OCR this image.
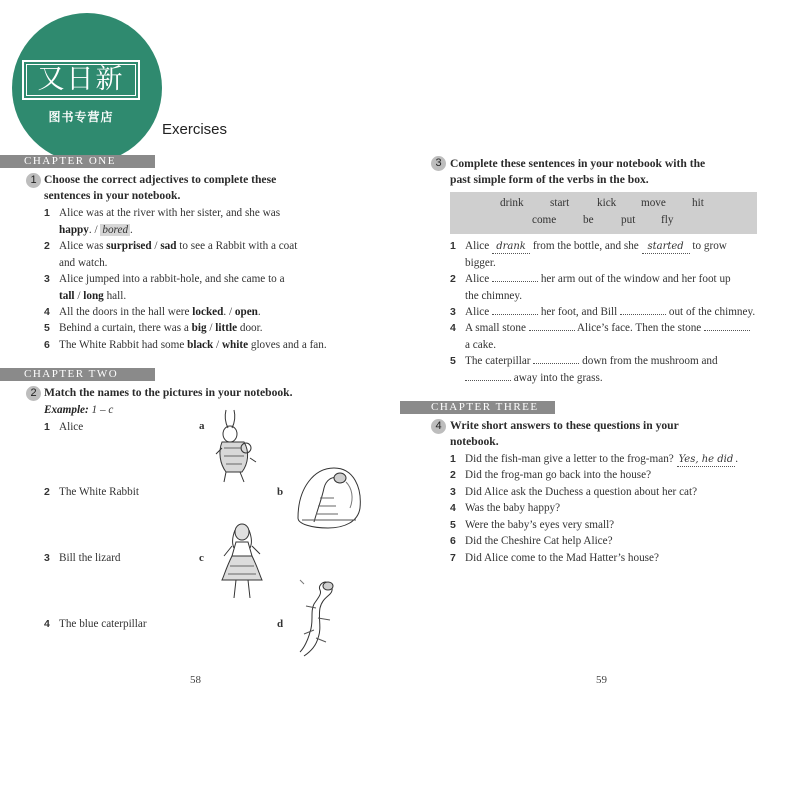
又日新
图书专营店
Exercises
CHAPTER ONE
1 Choose the correct adjectives to complete these
sentences in your notebook.
1 Alice was at the river with her sister, and she was
happy. / bored .
2 Alice was surprised / sad to see a Rabbit with a coat
and watch.
3 Alice jumped into a rabbit-hole, and she came to a
tall / long hall.
4 All the doors in the hall were locked. / open.
5 Behind a curtain, there was a big / little door.
6 The White Rabbit had some black / white gloves and a fan.
CHAPTER TWO
2 Match the names to the pictures in your notebook.
Example: 1 – c
1 Alice	a
2 The White Rabbit	b
3 Bill the lizard	c
4 The blue caterpillar	d
58
3 Complete these sentences in your notebook with the
past simple form of the verbs in the box.
drink start kick move hit
come be put fly
1 Alice drank from the bottle, and she started to grow
bigger.
2 Alice	her arm out of the window and her foot up
the chimney.
3 Alice	her foot, and Bill	out of the chimney.
4 A small stone	Alice’s face. Then the stone
a cake.
5 The caterpillar	down from the mushroom and
away into the grass.
CHAPTER THREE
4 Write short answers to these questions in your
notebook.
1 Did the fish-man give a letter to the frog-man? Yes, he did .
2 Did the frog-man go back into the house?
3 Did Alice ask the Duchess a question about her cat?
4 Was the baby happy?
5 Were the baby’s eyes very small?
6 Did the Cheshire Cat help Alice?
7 Did Alice come to the Mad Hatter’s house?
59
